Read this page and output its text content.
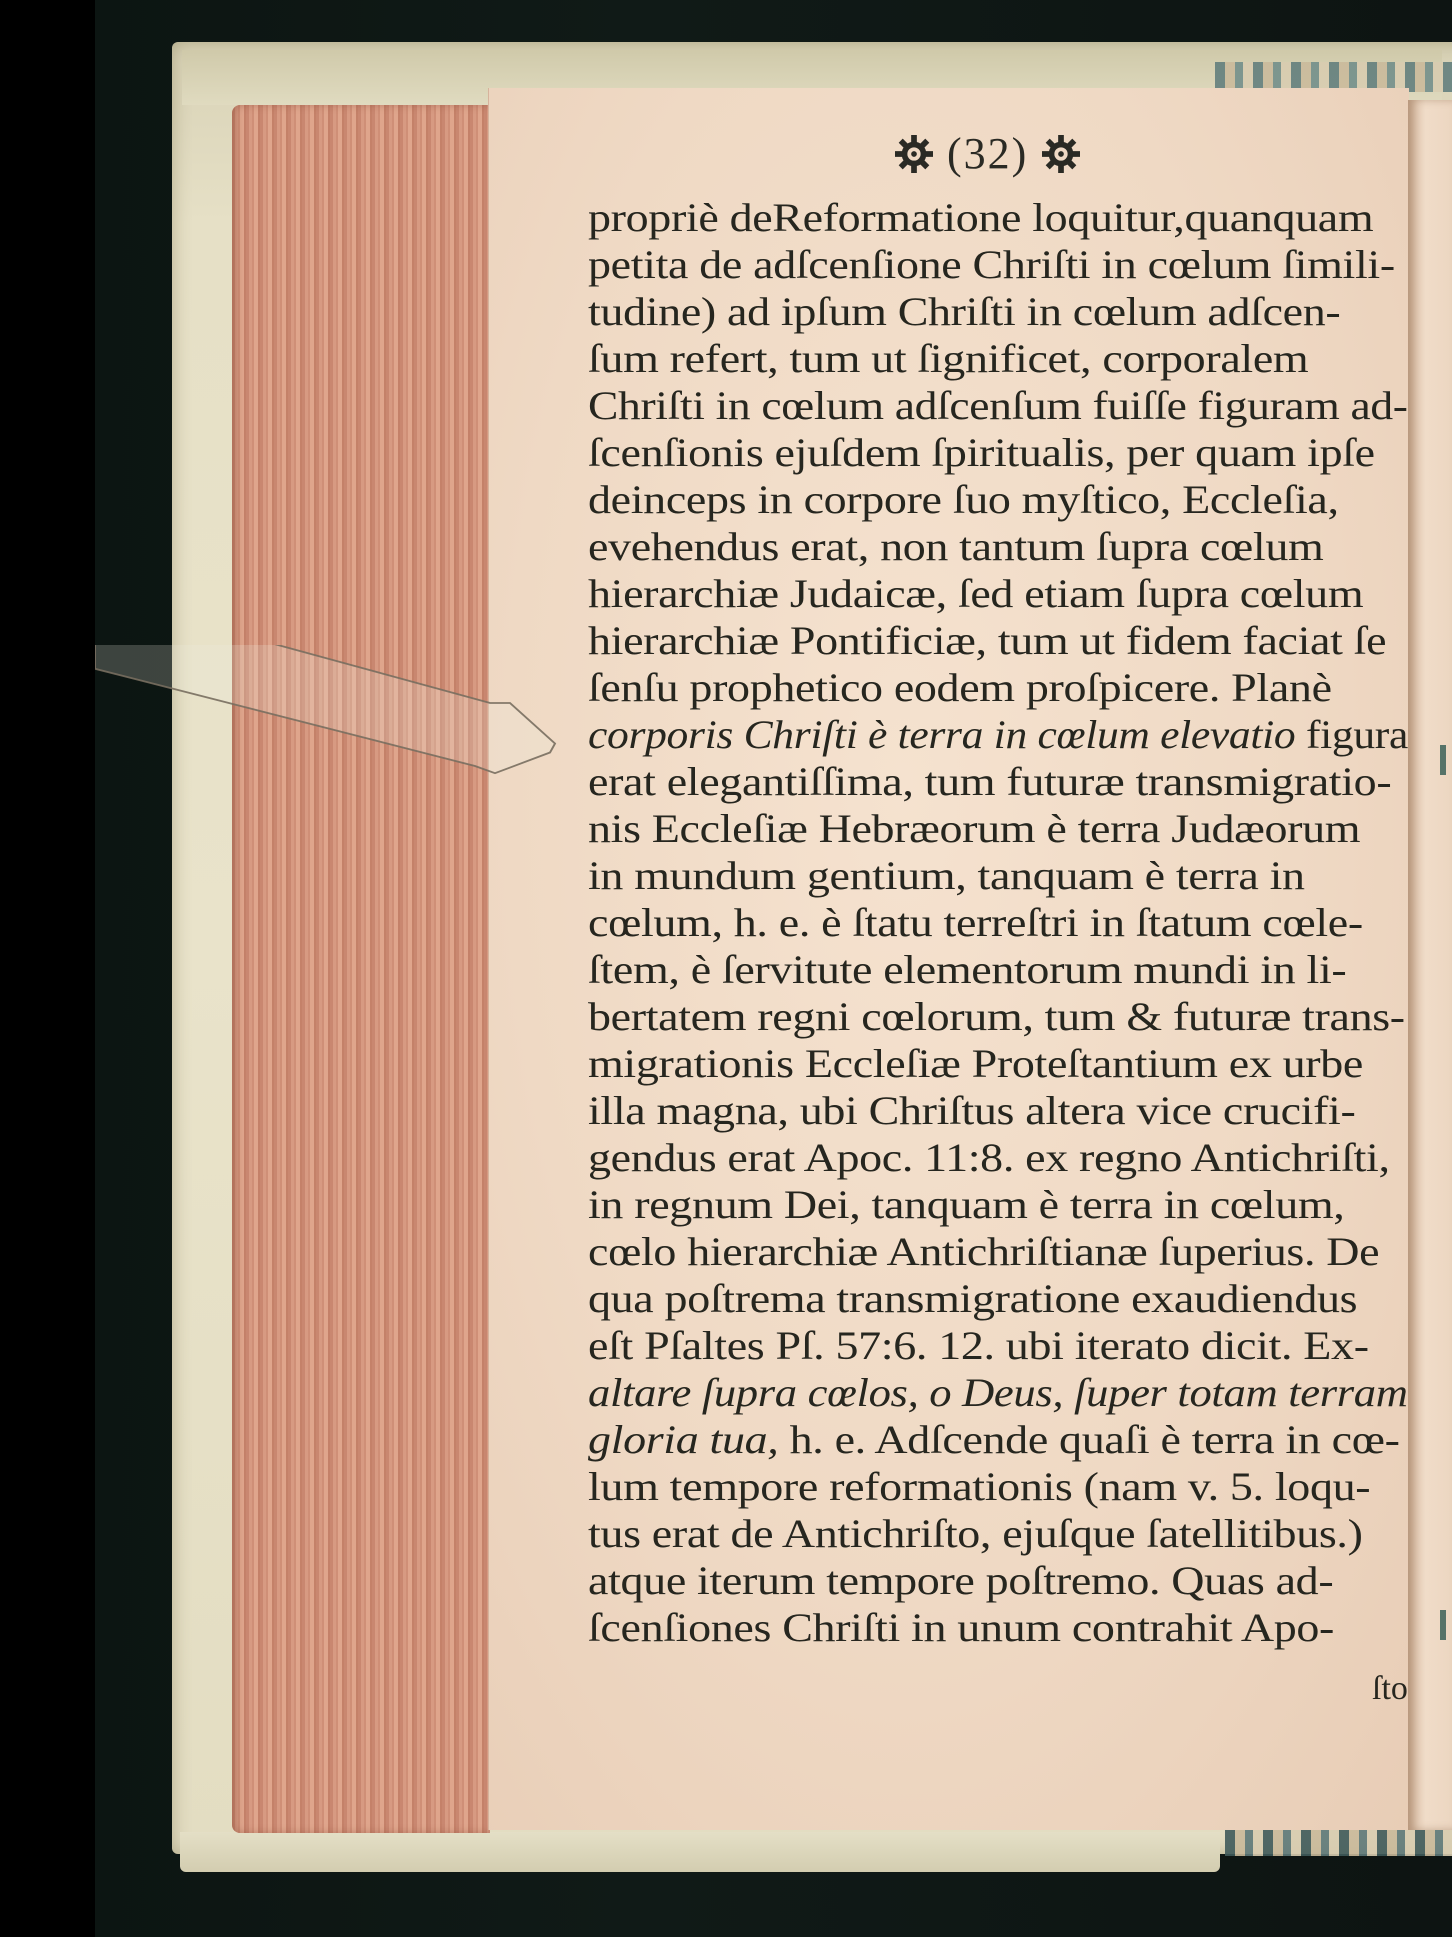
(32)
propriè deReformatione loquitur,quanquam
petita de adſcenſione Chriſti in cœlum ſimili-
tudine) ad ipſum Chriſti in cœlum adſcen-
ſum refert, tum ut ſignificet, corporalem
Chriſti in cœlum adſcenſum fuiſſe figuram ad-
ſcenſionis ejuſdem ſpiritualis, per quam ipſe
deinceps in corpore ſuo myſtico, Eccleſia,
evehendus erat, non tantum ſupra cœlum
hierarchiæ Judaicæ, ſed etiam ſupra cœlum
hierarchiæ Pontificiæ, tum ut fidem faciat ſe
ſenſu prophetico eodem proſpicere. Planè
corporis Chriſti è terra in cœlum elevatio figura
erat elegantiſſima, tum futuræ transmigratio-
nis Eccleſiæ Hebræorum è terra Judæorum
in mundum gentium, tanquam è terra in
cœlum, h. e. è ſtatu terreſtri in ſtatum cœle-
ſtem, è ſervitute elementorum mundi in li-
bertatem regni cœlorum, tum & futuræ trans-
migrationis Eccleſiæ Proteſtantium ex urbe
illa magna, ubi Chriſtus altera vice crucifi-
gendus erat Apoc. 11:8. ex regno Antichriſti,
in regnum Dei, tanquam è terra in cœlum,
cœlo hierarchiæ Antichriſtianæ ſuperius. De
qua poſtrema transmigratione exaudiendus
eſt Pſaltes Pſ. 57:6. 12. ubi iterato dicit. Ex-
altare ſupra cœlos, o Deus, ſuper totam terram
gloria tua, h. e. Adſcende quaſi è terra in cœ-
lum tempore reformationis (nam v. 5. loqu-
tus erat de Antichriſto, ejuſque ſatellitibus.)
atque iterum tempore poſtremo. Quas ad-
ſcenſiones Chriſti in unum contrahit Apo-
ſto
